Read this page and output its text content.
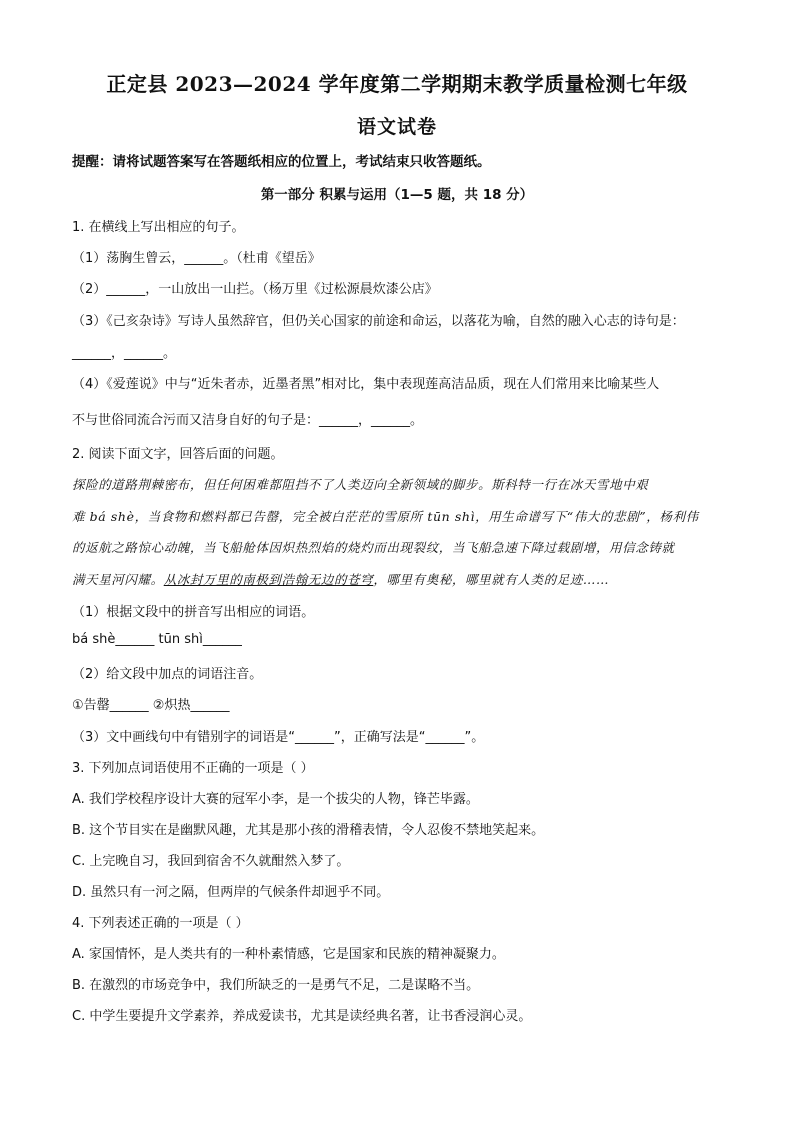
正定县 2023—2024 学年度第二学期期末教学质量检测七年级
语文试卷
提醒：请将试题答案写在答题纸相应的位置上，考试结束只收答题纸。
第一部分 积累与运用（1—5 题，共 18 分）
1. 在横线上写出相应的句子。
（1）荡胸生曾云，______。（杜甫《望岳》
（2）______，一山放出一山拦。（杨万里《过松源晨炊漆公店》
（3）《己亥杂诗》写诗人虽然辞官，但仍关心国家的前途和命运，以落花为喻，自然的融入心志的诗句是：
______，______。
（4）《爱莲说》中与“近朱者赤，近墨者黑”相对比，集中表现莲高洁品质，现在人们常用来比喻某些人
不与世俗同流合污而又洁身自好的句子是：______，______。
2. 阅读下面文字，回答后面的问题。
探险的道路荆棘密布，但任何困难都阻挡不了人类迈向全新领域的脚步。斯科特一行在冰天雪地中艰
难 bá shè，当食物和燃料都已告罄，完全被白茫茫的雪原所 tūn shì，用生命谱写下“伟大的悲剧”，杨利伟
的返航之路惊心动魄，当飞船舱体因炽热烈焰的烧灼而出现裂纹，当飞船急速下降过载剧增，用信念铸就
满天星河闪耀。从冰封万里的南极到浩翰无边的苍穹，哪里有奥秘，哪里就有人类的足迹……
（1）根据文段中的拼音写出相应的词语。
bá shè______ tūn shì______
（2）给文段中加点的词语注音。
①告罄______ ②炽热______
（3）文中画线句中有错别字的词语是“______”，正确写法是“______”。
3. 下列加点词语使用不正确的一项是（ ）
A. 我们学校程序设计大赛的冠军小李，是一个拔尖的人物，锋芒毕露。
B. 这个节目实在是幽默风趣，尤其是那小孩的滑稽表情，令人忍俊不禁地笑起来。
C. 上完晚自习，我回到宿舍不久就酣然入梦了。
D. 虽然只有一河之隔，但两岸的气候条件却迥乎不同。
4. 下列表述正确的一项是（ ）
A. 家国情怀，是人类共有的一种朴素情感，它是国家和民族的精神凝聚力。
B. 在激烈的市场竞争中，我们所缺乏的一是勇气不足，二是谋略不当。
C. 中学生要提升文学素养，养成爱读书，尤其是读经典名著，让书香浸润心灵。
